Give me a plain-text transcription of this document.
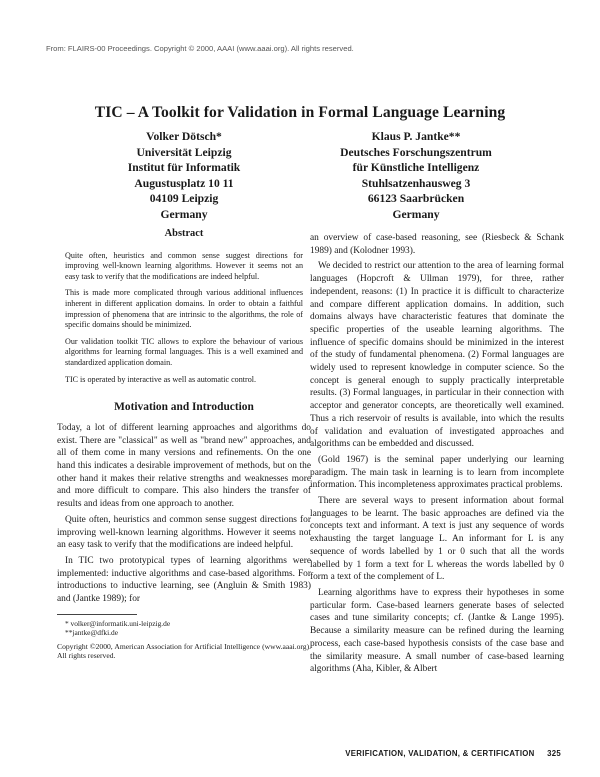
From: FLAIRS-00 Proceedings. Copyright © 2000, AAAI (www.aaai.org). All rights reserved.
TIC – A Toolkit for Validation in Formal Language Learning
Volker Dötsch*
Universität Leipzig
Institut für Informatik
Augustusplatz 10 11
04109 Leipzig
Germany
Klaus P. Jantke**
Deutsches Forschungszentrum
für Künstliche Intelligenz
Stuhlsatzenhausweg 3
66123 Saarbrücken
Germany
Abstract

Quite often, heuristics and common sense suggest directions for improving well-known learning algorithms. However it seems not an easy task to verify that the modifications are indeed helpful.

This is made more complicated through various additional influences inherent in different application domains. In order to obtain a faithful impression of phenomena that are intrinsic to the algorithms, the role of specific domains should be minimized.

Our validation toolkit TIC allows to explore the behaviour of various algorithms for learning formal languages. This is a well examined and standardized application domain.

TIC is operated by interactive as well as automatic control.

Motivation and Introduction

Today, a lot of different learning approaches and algorithms do exist. There are "classical" as well as "brand new" approaches, and all of them come in many versions and refinements. On the one hand this indicates a desirable improvement of methods, but on the other hand it makes their relative strengths and weaknesses more and more difficult to compare. This also hinders the transfer of results and ideas from one approach to another.

Quite often, heuristics and common sense suggest directions for improving well-known learning algorithms. However it seems not an easy task to verify that the modifications are indeed helpful.

In TIC two prototypical types of learning algorithms were implemented: inductive algorithms and case-based algorithms. For introductions to inductive learning, see (Angluin & Smith 1983) and (Jantke 1989); for

* volker@informatik.uni-leipzig.de
**jantke@dfki.de
Copyright ©2000, American Association for Artificial Intelligence (www.aaai.org). All rights reserved.

an overview of case-based reasoning, see (Riesbeck & Schank 1989) and (Kolodner 1993).

We decided to restrict our attention to the area of learning formal languages (Hopcroft & Ullman 1979), for three, rather independent, reasons: (1) In practice it is difficult to characterize and compare different application domains. In addition, such domains always have characteristic features that dominate the specific properties of the useable learning algorithms. The influence of specific domains should be minimized in the interest of the study of fundamental phenomena. (2) Formal languages are widely used to represent knowledge in computer science. So the concept is general enough to supply practically interpretable results. (3) Formal languages, in particular in their connection with acceptor and generator concepts, are theoretically well examined. Thus a rich reservoir of results is available, into which the results of validation and evaluation of investigated approaches and algorithms can be embedded and discussed.

(Gold 1967) is the seminal paper underlying our learning paradigm. The main task in learning is to learn from incomplete information. This incompleteness approximates practical problems.

There are several ways to present information about formal languages to be learnt. The basic approaches are defined via the concepts text and informant. A text is just any sequence of words exhausting the target language L. An informant for L is any sequence of words labelled by 1 or 0 such that all the words labelled by 1 form a text for L whereas the words labelled by 0 form a text of the complement of L.

Learning algorithms have to express their hypotheses in some particular form. Case-based learners generate bases of selected cases and tune similarity concepts; cf. (Jantke & Lange 1995). Because a similarity measure can be refined during the learning process, each case-based hypothesis consists of the case base and the similarity measure. A small number of case-based learning algorithms (Aha, Kibler, & Albert

VERIFICATION, VALIDATION, & CERTIFICATION 325
